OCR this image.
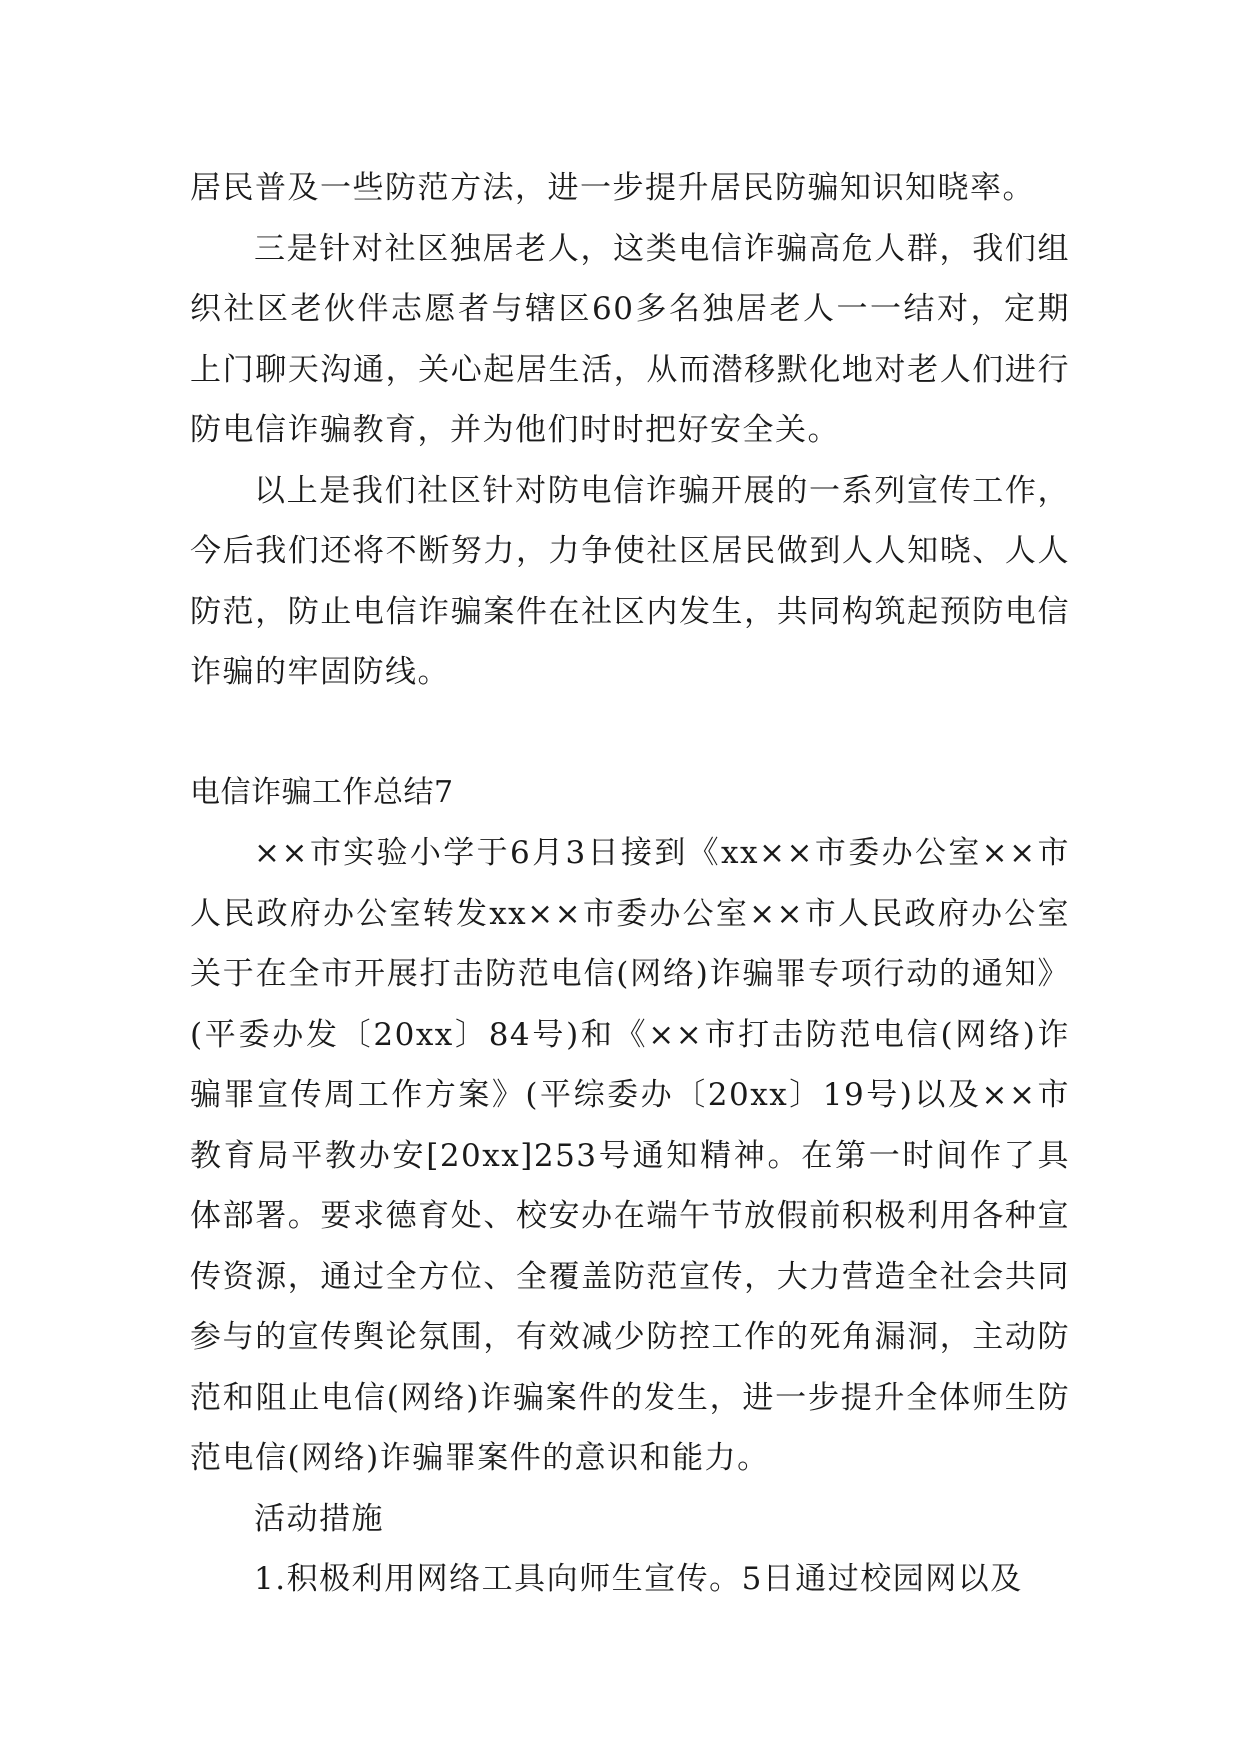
居民普及一些防范方法，进一步提升居民防骗知识知晓率。

三是针对社区独居老人，这类电信诈骗高危人群，我们组织社区老伙伴志愿者与辖区60多名独居老人一一结对，定期上门聊天沟通，关心起居生活，从而潜移默化地对老人们进行防电信诈骗教育，并为他们时时把好安全关。

以上是我们社区针对防电信诈骗开展的一系列宣传工作，今后我们还将不断努力，力争使社区居民做到人人知晓、人人防范，防止电信诈骗案件在社区内发生，共同构筑起预防电信诈骗的牢固防线。

电信诈骗工作总结7

××市实验小学于6月3日接到《xx××市委办公室××市人民政府办公室转发xx××市委办公室××市人民政府办公室关于在全市开展打击防范电信(网络)诈骗罪专项行动的通知》(平委办发〔20xx〕84号)和《××市打击防范电信(网络)诈骗罪宣传周工作方案》(平综委办〔20xx〕19号)以及××市教育局平教办安[20xx]253号通知精神。在第一时间作了具体部署。要求德育处、校安办在端午节放假前积极利用各种宣传资源，通过全方位、全覆盖防范宣传，大力营造全社会共同参与的宣传舆论氛围，有效减少防控工作的死角漏洞，主动防范和阻止电信(网络)诈骗案件的发生，进一步提升全体师生防范电信(网络)诈骗罪案件的意识和能力。

活动措施

1.积极利用网络工具向师生宣传。5日通过校园网以及
